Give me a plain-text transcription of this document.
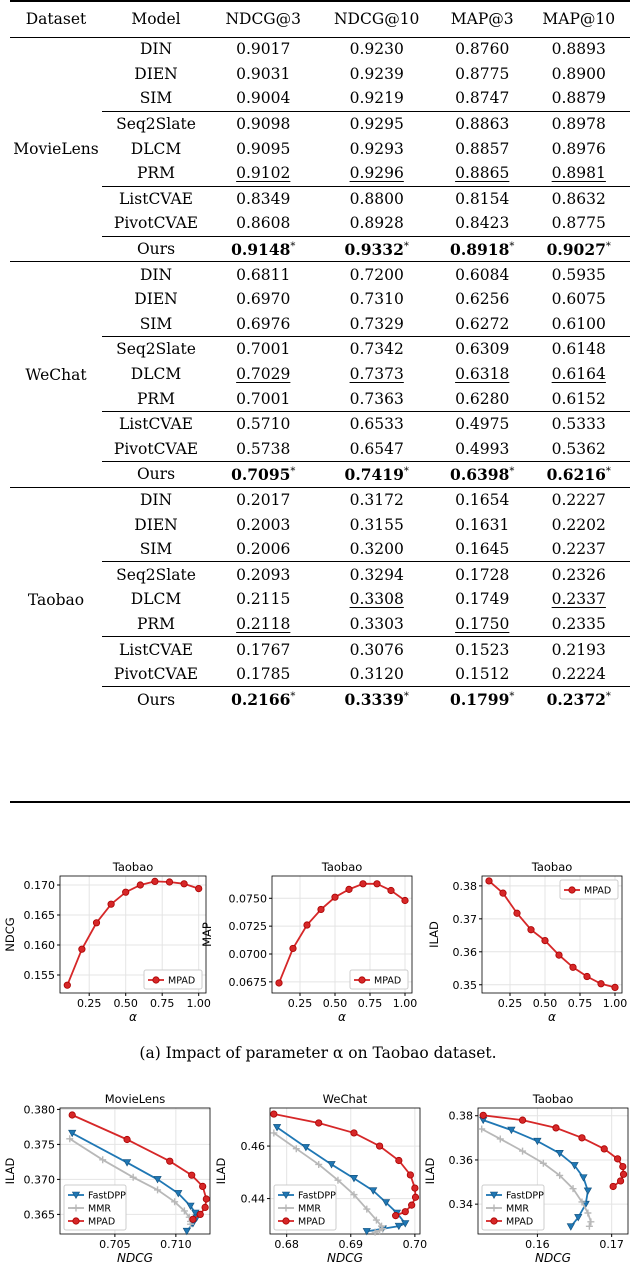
Dataset	Model	NDCG@3	NDCG@10	MAP@3	MAP@10
MovieLens	DIN	0.9017	0.9230	0.8760	0.8893
	DIEN	0.9031	0.9239	0.8775	0.8900
	SIM	0.9004	0.9219	0.8747	0.8879
	Seq2Slate	0.9098	0.9295	0.8863	0.8978
	DLCM	0.9095	0.9293	0.8857	0.8976
	PRM	0.9102	0.9296	0.8865	0.8981
	ListCVAE	0.8349	0.8800	0.8154	0.8632
	PivotCVAE	0.8608	0.8928	0.8423	0.8775
	Ours	0.9148*	0.9332*	0.8918*	0.9027*
WeChat	DIN	0.6811	0.7200	0.6084	0.5935
	DIEN	0.6970	0.7310	0.6256	0.6075
	SIM	0.6976	0.7329	0.6272	0.6100
	Seq2Slate	0.7001	0.7342	0.6309	0.6148
	DLCM	0.7029	0.7373	0.6318	0.6164
	PRM	0.7001	0.7363	0.6280	0.6152
	ListCVAE	0.5710	0.6533	0.4975	0.5333
	PivotCVAE	0.5738	0.6547	0.4993	0.5362
	Ours	0.7095*	0.7419*	0.6398*	0.6216*
Taobao	DIN	0.2017	0.3172	0.1654	0.2227
	DIEN	0.2003	0.3155	0.1631	0.2202
	SIM	0.2006	0.3200	0.1645	0.2237
	Seq2Slate	0.2093	0.3294	0.1728	0.2326
	DLCM	0.2115	0.3308	0.1749	0.2337
	PRM	0.2118	0.3303	0.1750	0.2335
	ListCVAE	0.1767	0.3076	0.1523	0.2193
	PivotCVAE	0.1785	0.3120	0.1512	0.2224
	Ours	0.2166*	0.3339*	0.1799*	0.2372*
0.25 0.50 0.75 1.00
0.155
0.160
0.165
0.170
Taobao
α
NDCG
MPAD
0.25 0.50 0.75 1.00
0.0675
0.0700
0.0725
0.0750
Taobao
α
MAP
MPAD
0.25 0.50 0.75 1.00
0.35
0.36
0.37
0.38
Taobao
α
ILAD
MPAD
(a) Impact of parameter α on Taobao dataset.
0.705	0.710
0.365
0.370
0.375
0.380
MovieLens
NDCG
ILAD
FastDPP
MMR
MPAD
0.68	0.69	0.70
0.44
0.46
WeChat
NDCG
ILAD
FastDPP
MMR
MPAD
0.16	0.17
0.34
0.36
0.38
Taobao
NDCG
ILAD
FastDPP
MMR
MPAD
